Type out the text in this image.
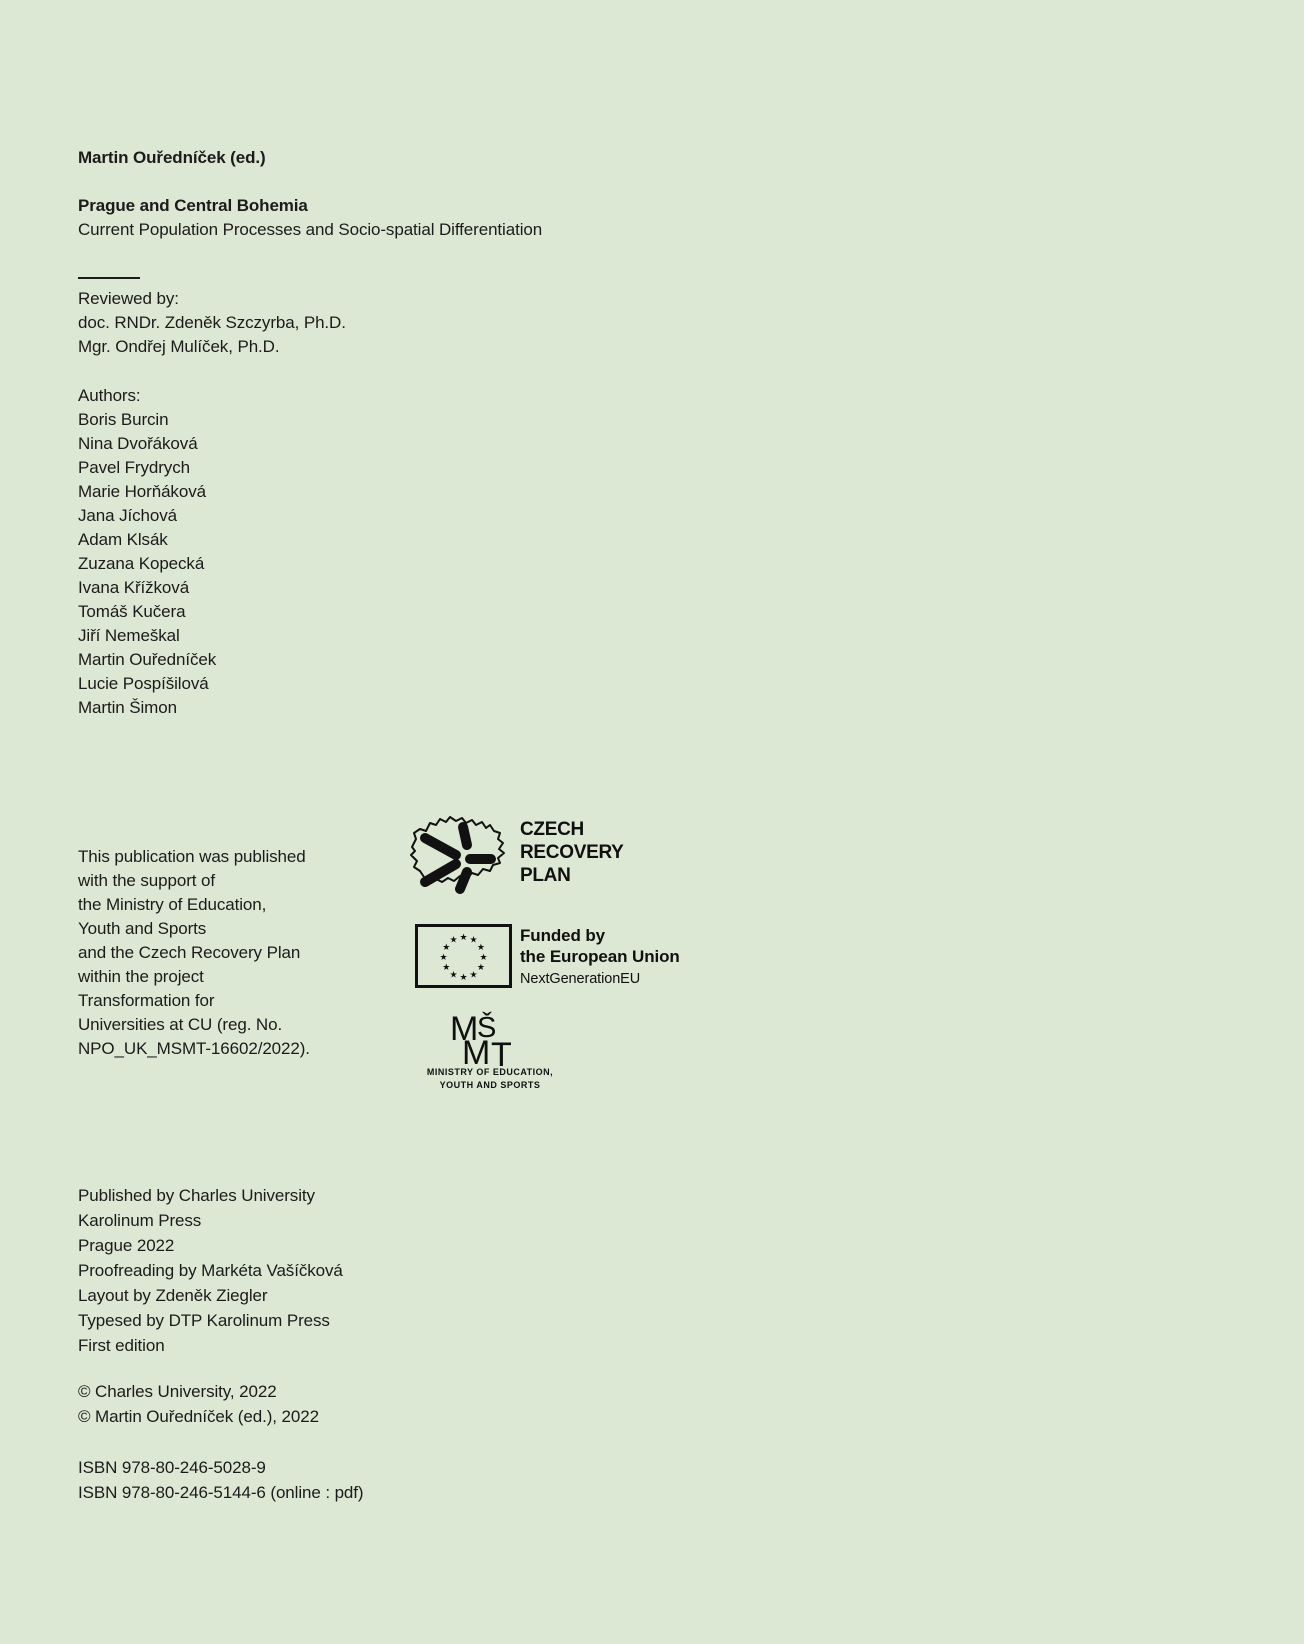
Martin Ouředníček (ed.)
Prague and Central Bohemia
Current Population Processes and Socio-spatial Differentiation
Reviewed by:
doc. RNDr. Zdeněk Szczyrba, Ph.D.
Mgr. Ondřej Mulíček, Ph.D.
Authors:
Boris Burcin
Nina Dvořáková
Pavel Frydrych
Marie Horňáková
Jana Jíchová
Adam Klsák
Zuzana Kopecká
Ivana Křížková
Tomáš Kučera
Jiří Nemeškal
Martin Ouředníček
Lucie Pospíšilová
Martin Šimon
This publication was published
with the support of
the Ministry of Education,
Youth and Sports
and the Czech Recovery Plan
within the project
Transformation for
Universities at CU (reg. No.
NPO_UK_MSMT-16602/2022).
CZECH
RECOVERY
PLAN
★ ★
★
★
★
★
★
★
★
★
★
★	Funded by
the European Union
NextGenerationEU
M
Š
M T
MINISTRY OF EDUCATION,
YOUTH AND SPORTS
Published by Charles University
Karolinum Press
Prague 2022
Proofreading by Markéta Vašíčková
Layout by Zdeněk Ziegler
Typesed by DTP Karolinum Press
First edition
© Charles University, 2022
© Martin Ouředníček (ed.), 2022
ISBN 978-80-246-5028-9
ISBN 978-80-246-5144-6 (online : pdf)
